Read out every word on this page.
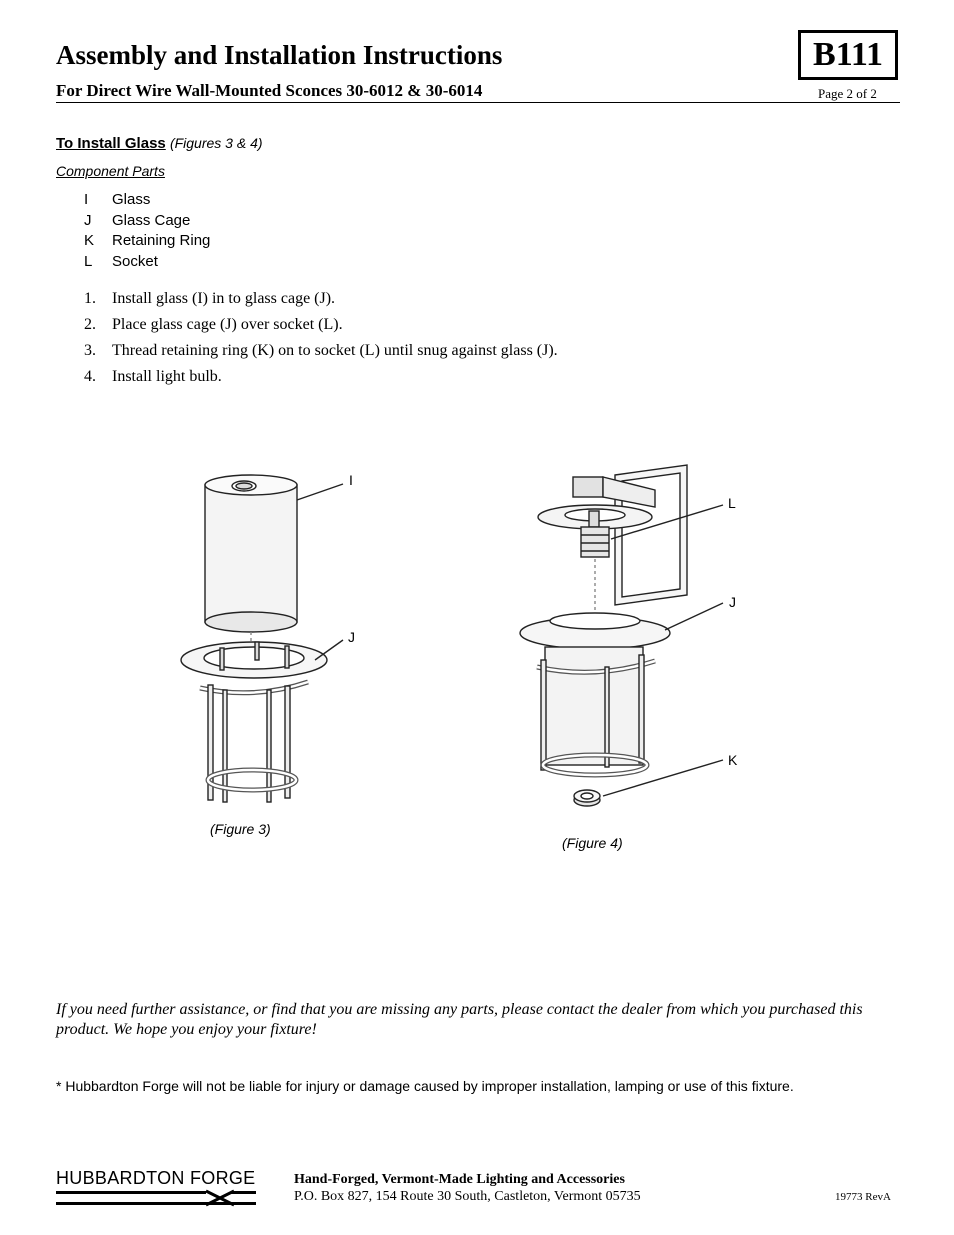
Assembly and Installation Instructions
For Direct Wire Wall-Mounted Sconces 30-6012 & 30-6014
B111
Page 2 of 2
To Install Glass (Figures 3 & 4)
Component Parts
I	Glass
J	Glass Cage
K	Retaining Ring
L	Socket
1.	Install glass (I) in to glass cage (J).
2.	Place glass cage (J) over socket (L).
3.	Thread retaining ring (K) on to socket (L) until snug against glass (J).
4.	Install light bulb.
I
J
(Figure 3)
L
J
K
(Figure 4)
If you need further assistance, or find that you are missing any parts, please contact the dealer from which you purchased this product. We hope you enjoy your fixture!
* Hubbardton Forge will not be liable for injury or damage caused by improper installation, lamping or use of this fixture.
HUBBARDTON FORGE	Hand-Forged, Vermont-Made Lighting and Accessories
P.O. Box 827, 154 Route 30 South, Castleton, Vermont 05735	19773 RevA
